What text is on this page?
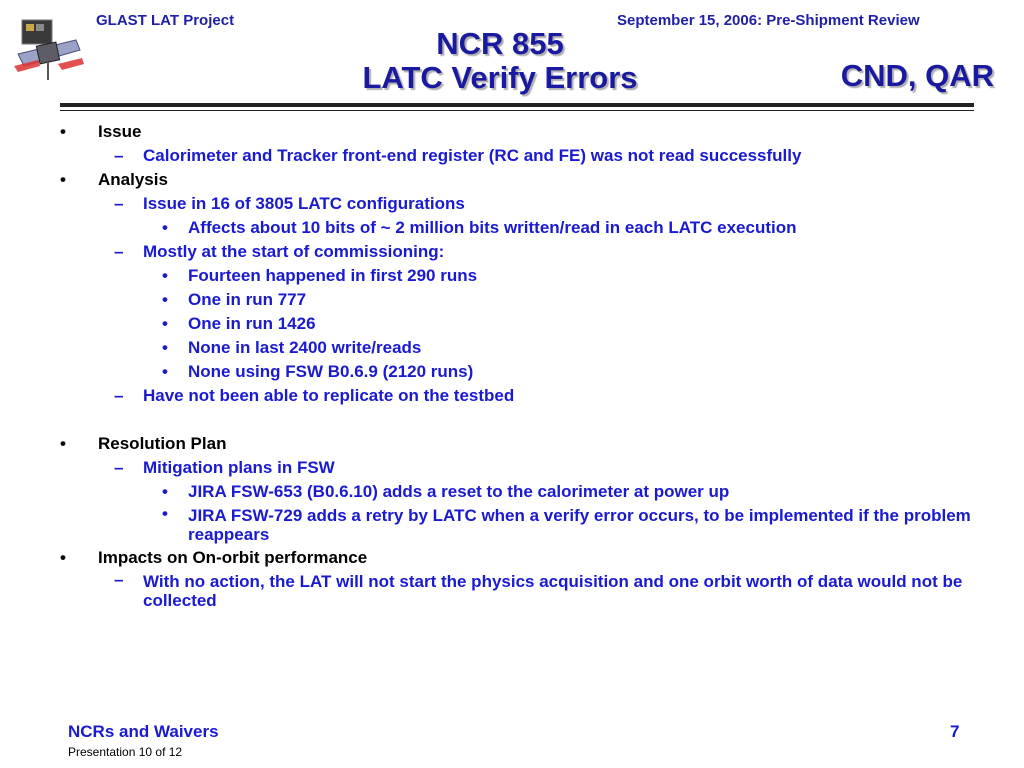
GLAST LAT Project	September 15, 2006: Pre-Shipment Review
NCR 855
LATC Verify Errors	CND, QAR
• Issue
– Calorimeter and Tracker front-end register (RC and FE) was not read successfully
• Analysis
– Issue in 16 of 3805 LATC configurations
• Affects about 10 bits of ~ 2 million bits written/read in each LATC execution
– Mostly at the start of commissioning:
• Fourteen happened in first 290 runs
• One in run 777
• One in run 1426
• None in last 2400 write/reads
• None using FSW B0.6.9 (2120 runs)
– Have not been able to replicate on the testbed
• Resolution Plan
– Mitigation plans in FSW
• JIRA FSW-653 (B0.6.10) adds a reset to the calorimeter at power up
• JIRA FSW-729 adds a retry by LATC when a verify error occurs, to be implemented if the problem reappears
• Impacts on On-orbit performance
– With no action, the LAT will not start the physics acquisition and one orbit worth of data would not be collected
NCRs and Waivers
Presentation 10 of 12
7
